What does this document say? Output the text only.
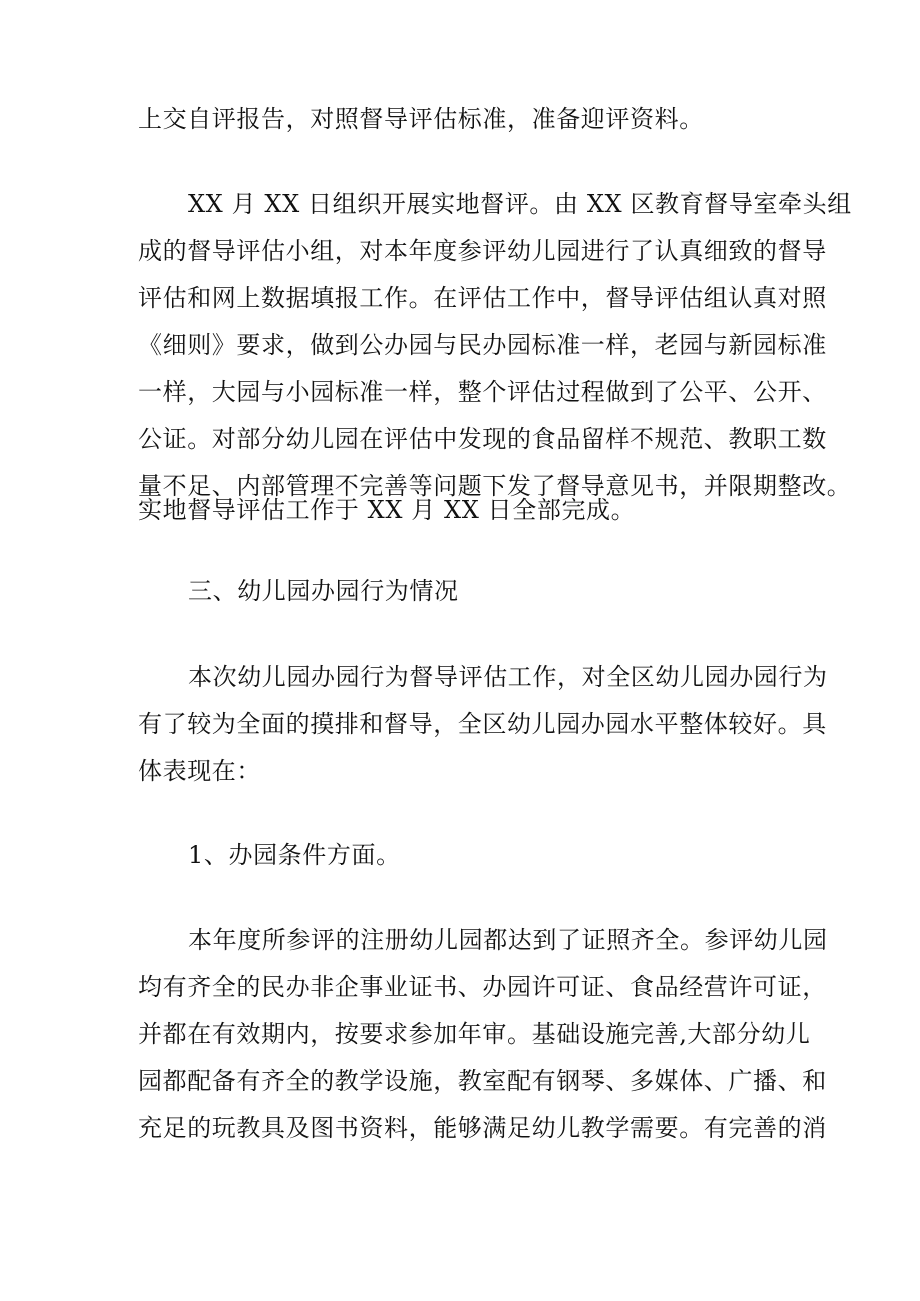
上交自评报告，对照督导评估标准，准备迎评资料。
XX 月 XX 日组织开展实地督评。由 XX 区教育督导室牵头组
成的督导评估小组，对本年度参评幼儿园进行了认真细致的督导
评估和网上数据填报工作。在评估工作中，督导评估组认真对照
《细则》要求，做到公办园与民办园标准一样，老园与新园标准
一样，大园与小园标准一样，整个评估过程做到了公平、公开、
公证。对部分幼儿园在评估中发现的食品留样不规范、教职工数
量不足、内部管理不完善等问题下发了督导意见书，并限期整改。
实地督导评估工作于 XX 月 XX 日全部完成。
三、幼儿园办园行为情况
本次幼儿园办园行为督导评估工作，对全区幼儿园办园行为
有了较为全面的摸排和督导，全区幼儿园办园水平整体较好。具
体表现在：
1、办园条件方面。
本年度所参评的注册幼儿园都达到了证照齐全。参评幼儿园
均有齐全的民办非企事业证书、办园许可证、食品经营许可证，
并都在有效期内，按要求参加年审。基础设施完善,大部分幼儿
园都配备有齐全的教学设施，教室配有钢琴、多媒体、广播、和
充足的玩教具及图书资料，能够满足幼儿教学需要。有完善的消
